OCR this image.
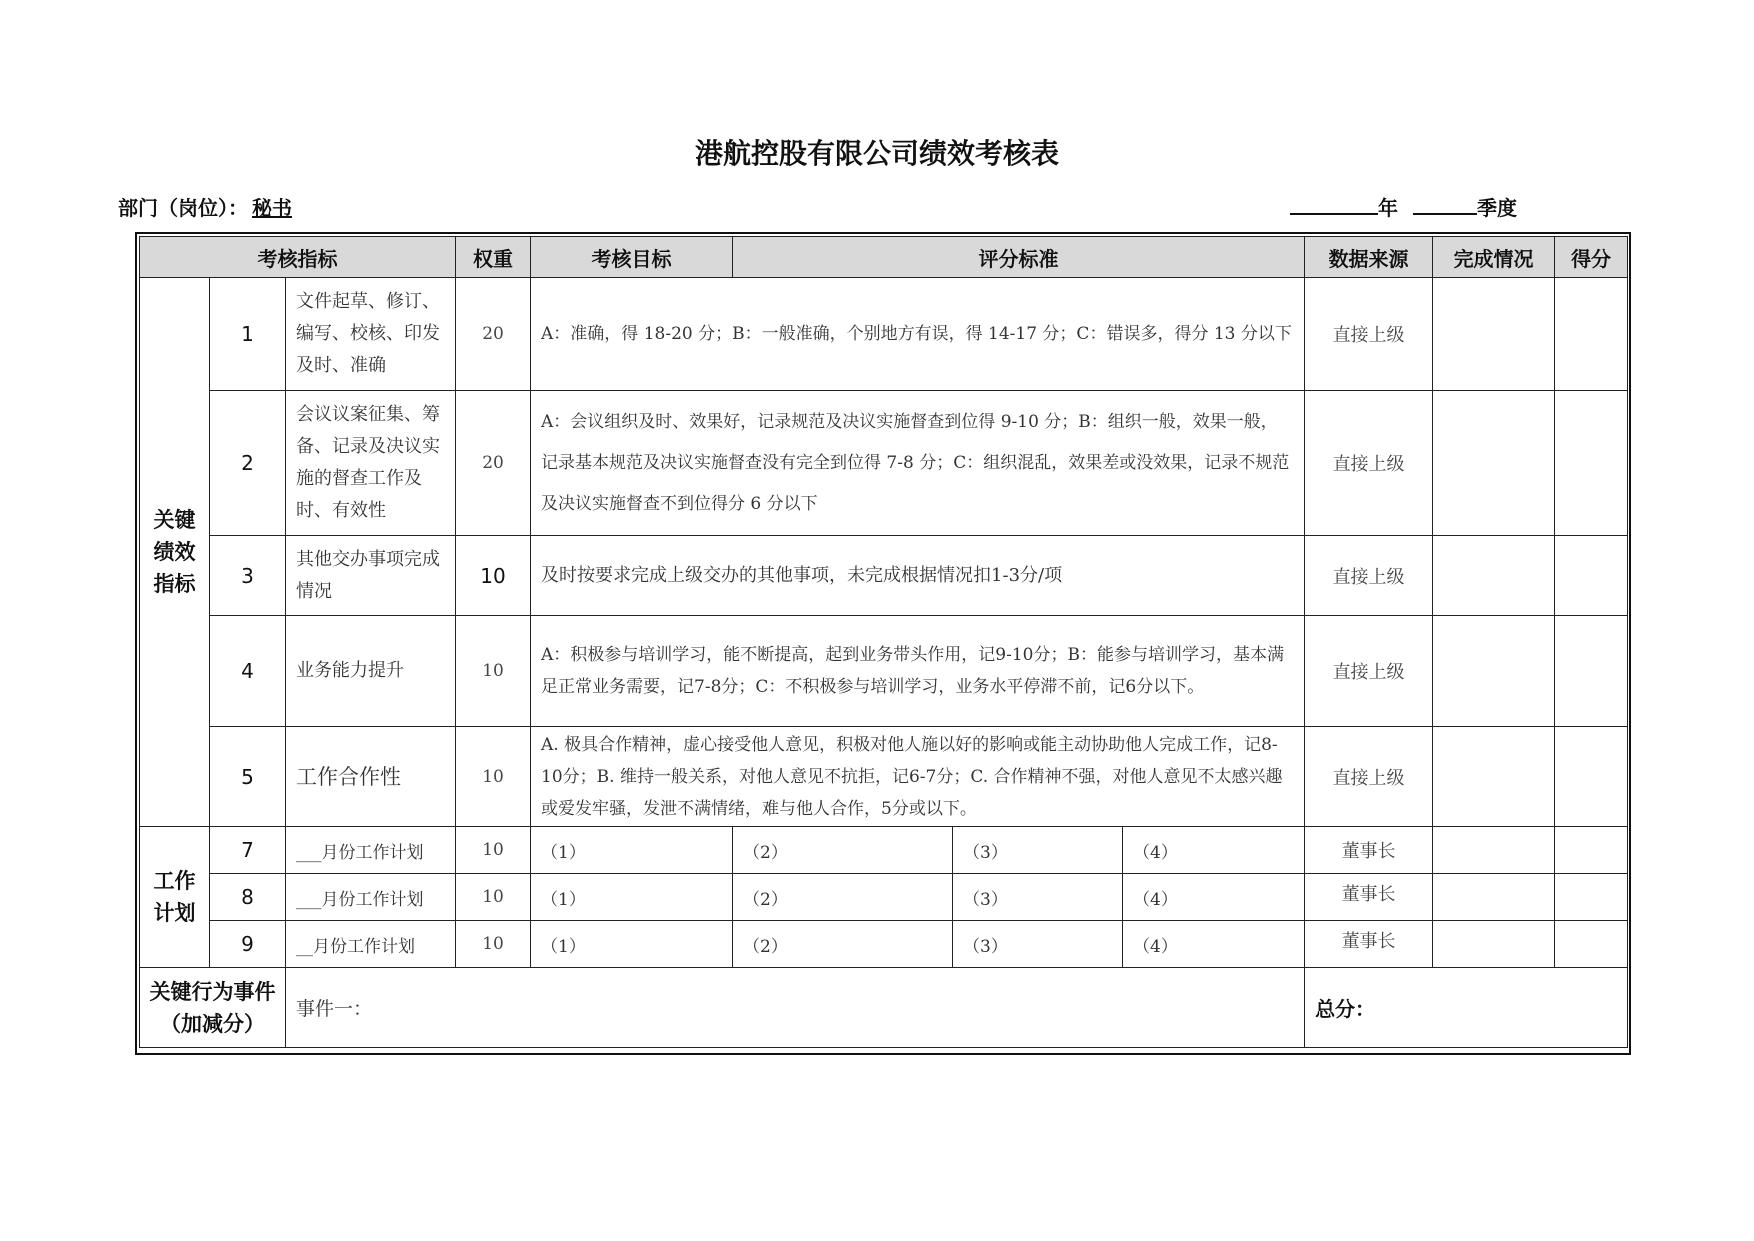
港航控股有限公司绩效考核表
部门（岗位）： 秘书	年	季度
考核指标			权重	考核目标	评分标准			数据来源	完成情况	得分
关键绩效指标	1	文件起草、修订、编写、校核、印发及时、准确	20	A：准确，得 18-20 分；B：一般准确，个别地方有误，得 14-17 分；C：错误多，得分 13 分以下				直接上级		
	2	会议议案征集、筹备、记录及决议实施的督查工作及时、有效性	20	A：会议组织及时、效果好，记录规范及决议实施督查到位得 9-10 分；B：组织一般，效果一般，记录基本规范及决议实施督查没有完全到位得 7-8 分；C：组织混乱，效果差或没效果，记录不规范及决议实施督查不到位得分 6 分以下				直接上级		
	3	其他交办事项完成情况	10	及时按要求完成上级交办的其他事项，未完成根据情况扣1-3分/项				直接上级		
	4	业务能力提升	10	A：积极参与培训学习，能不断提高，起到业务带头作用，记9-10分；B：能参与培训学习，基本满足正常业务需要，记7-8分；C：不积极参与培训学习，业务水平停滞不前，记6分以下。				直接上级		
	5	工作合作性	10	A. 极具合作精神，虚心接受他人意见，积极对他人施以好的影响或能主动协助他人完成工作，记8-10分；B. 维持一般关系，对他人意见不抗拒，记6-7分；C. 合作精神不强，对他人意见不太感兴趣或爱发牢骚，发泄不满情绪，难与他人合作，5分或以下。				直接上级		
工作计划	7	___月份工作计划	10	（1）	（2）	（3）	（4）	董事长		
	8	___月份工作计划	10	（1）	（2）	（3）	（4）	董事长		
	9	__月份工作计划	10	（1）	（2）	（3）	（4）	董事长		
关键行为事件（加减分）		事件一：						总分：		
